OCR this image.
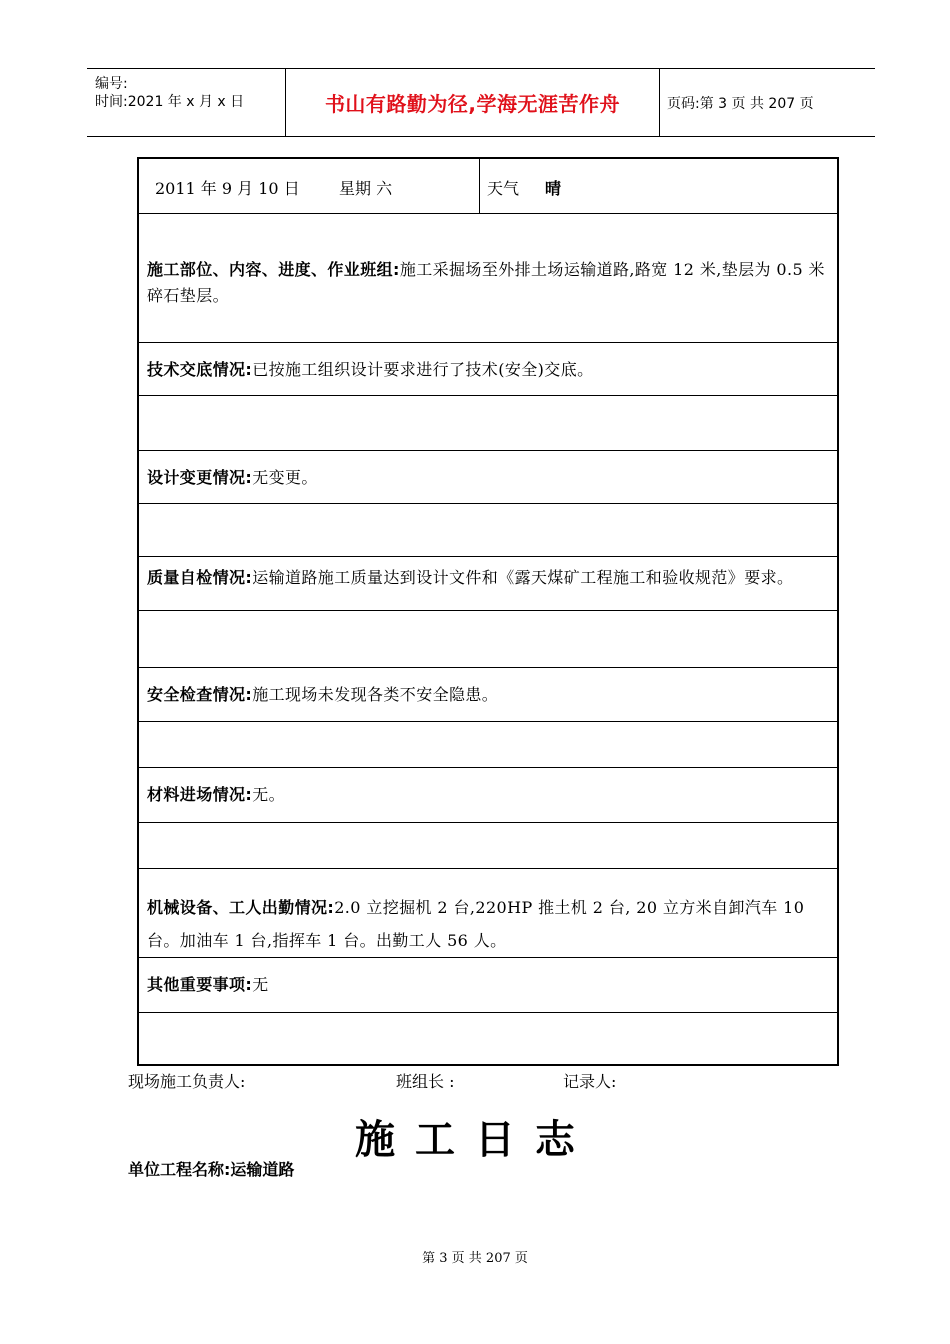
编号:
时间:2021 年 x 月 x 日	书山有路勤为径,学海无涯苦作舟	页码:第 3 页 共 207 页
2011 年 9 月 10 日 星期 六	天气 晴
施工部位、内容、进度、作业班组:施工采掘场至外排土场运输道路,路宽 12 米,垫层为 0.5 米碎石垫层。
技术交底情况:已按施工组织设计要求进行了技术(安全)交底。
设计变更情况:无变更。
质量自检情况:运输道路施工质量达到设计文件和《露天煤矿工程施工和验收规范》要求。
安全检查情况:施工现场未发现各类不安全隐患。
材料进场情况:无。
机械设备、工人出勤情况:2.0 立挖掘机 2 台,220HP 推土机 2 台, 20 立方米自卸汽车 10 台。加油车 1 台,指挥车 1 台。出勤工人 56 人。
其他重要事项:无
现场施工负责人:	班组长 :	记录人:
施工日志
单位工程名称:运输道路
第 3 页 共 207 页
